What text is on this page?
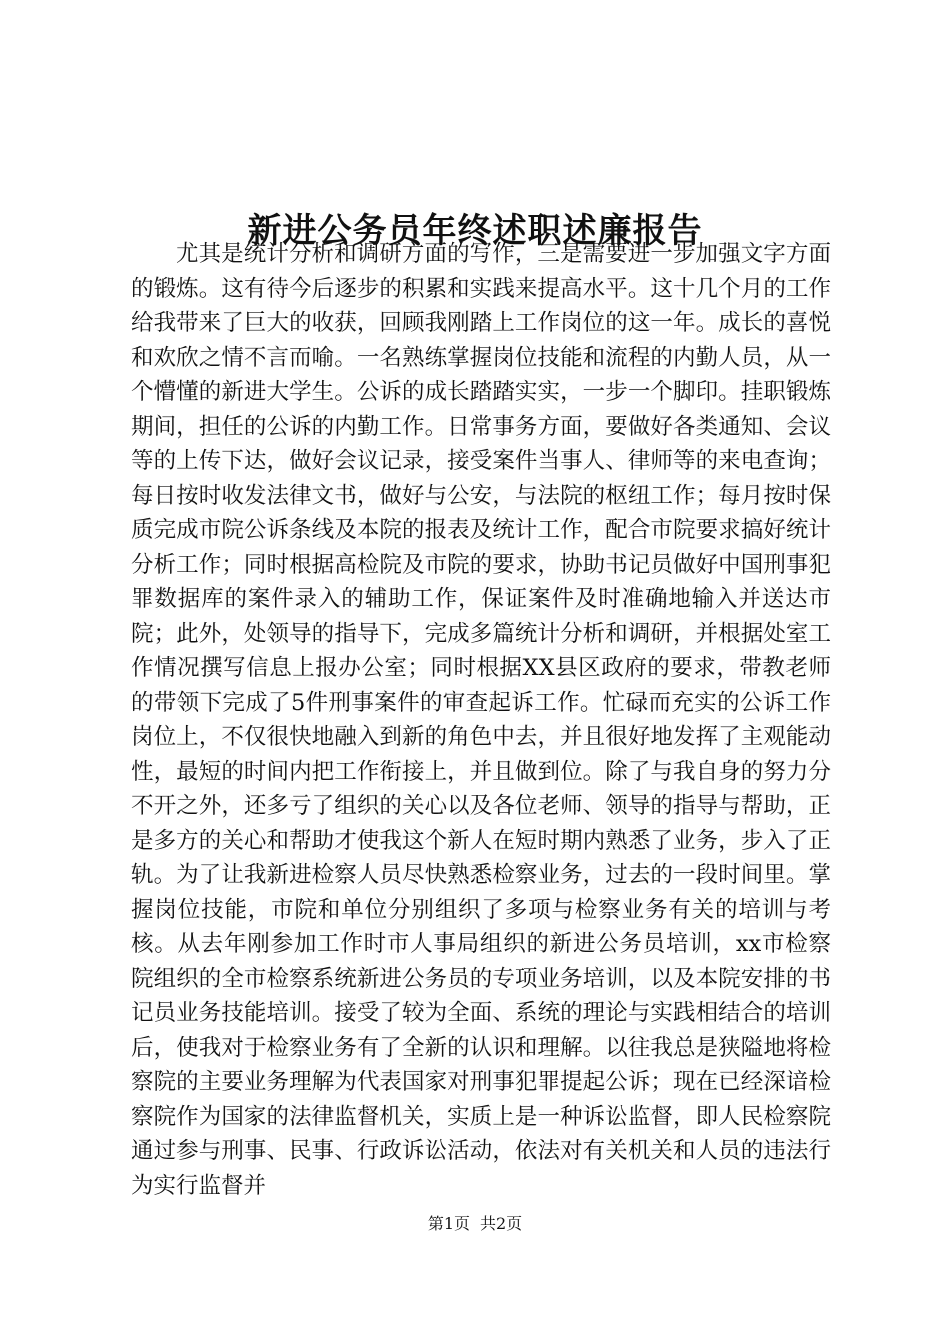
新进公务员年终述职述廉报告

尤其是统计分析和调研方面的写作，三是需要进一步加强文字方面的锻炼。这有待今后逐步的积累和实践来提高水平。这十几个月的工作给我带来了巨大的收获，回顾我刚踏上工作岗位的这一年。成长的喜悦和欢欣之情不言而喻。一名熟练掌握岗位技能和流程的内勤人员，从一个懵懂的新进大学生。公诉的成长踏踏实实，一步一个脚印。挂职锻炼期间，担任的公诉的内勤工作。日常事务方面，要做好各类通知、会议等的上传下达，做好会议记录，接受案件当事人、律师等的来电查询；每日按时收发法律文书，做好与公安，与法院的枢纽工作；每月按时保质完成市院公诉条线及本院的报表及统计工作，配合市院要求搞好统计分析工作；同时根据高检院及市院的要求，协助书记员做好中国刑事犯罪数据库的案件录入的辅助工作，保证案件及时准确地输入并送达市院；此外，处领导的指导下，完成多篇统计分析和调研，并根据处室工作情况撰写信息上报办公室；同时根据XX县区政府的要求，带教老师的带领下完成了5件刑事案件的审查起诉工作。忙碌而充实的公诉工作岗位上，不仅很快地融入到新的角色中去，并且很好地发挥了主观能动性，最短的时间内把工作衔接上，并且做到位。除了与我自身的努力分不开之外，还多亏了组织的关心以及各位老师、领导的指导与帮助，正是多方的关心和帮助才使我这个新人在短时期内熟悉了业务，步入了正轨。为了让我新进检察人员尽快熟悉检察业务，过去的一段时间里。掌握岗位技能，市院和单位分别组织了多项与检察业务有关的培训与考核。从去年刚参加工作时市人事局组织的新进公务员培训，xx市检察院组织的全市检察系统新进公务员的专项业务培训，以及本院安排的书记员业务技能培训。接受了较为全面、系统的理论与实践相结合的培训后，使我对于检察业务有了全新的认识和理解。以往我总是狭隘地将检察院的主要业务理解为代表国家对刑事犯罪提起公诉；现在已经深谙检察院作为国家的法律监督机关，实质上是一种诉讼监督，即人民检察院通过参与刑事、民事、行政诉讼活动，依法对有关机关和人员的违法行为实行监督并

第1页 共2页
